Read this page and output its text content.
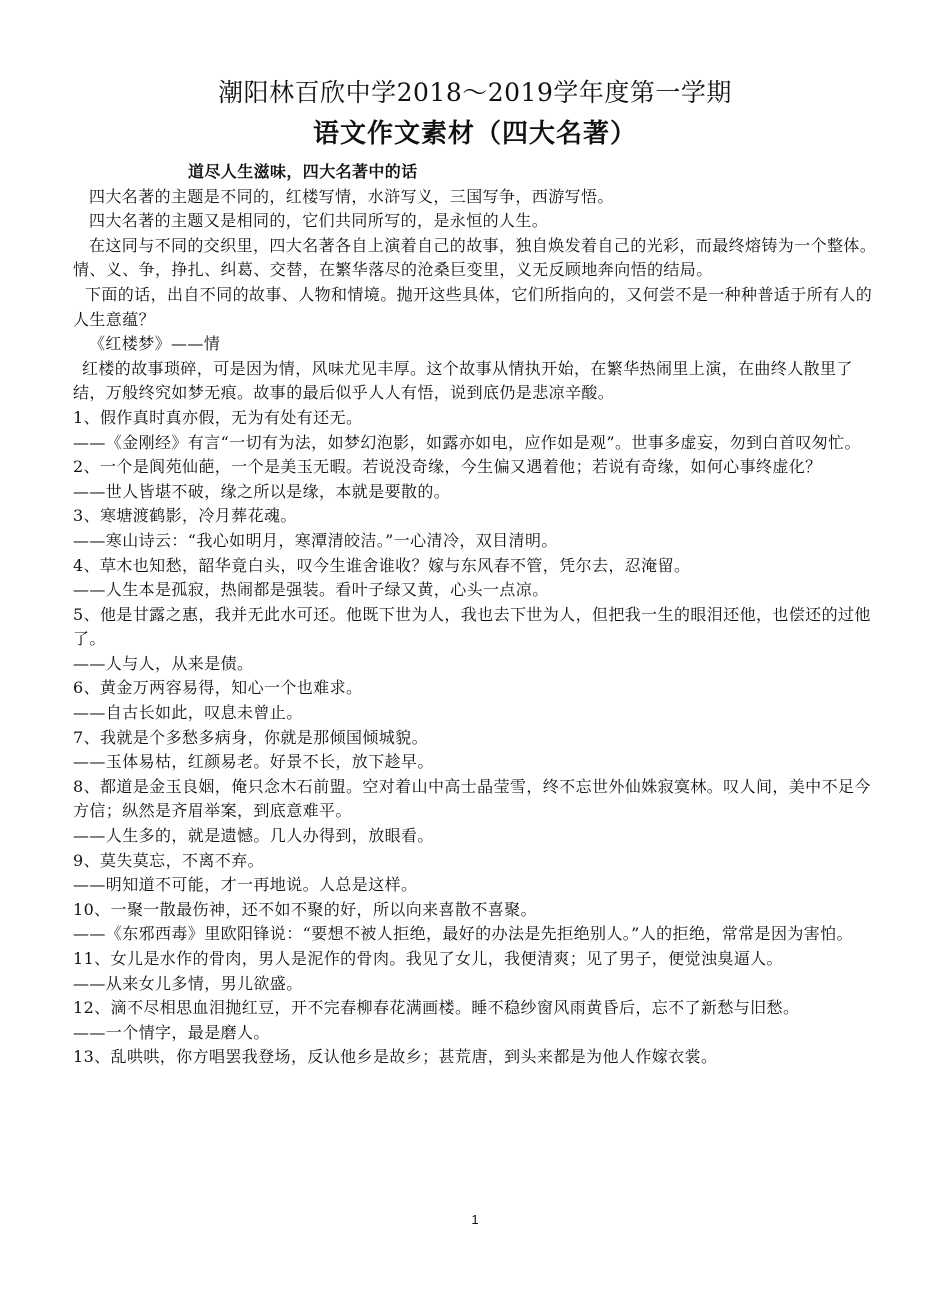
潮阳林百欣中学2018～2019学年度第一学期
语文作文素材（四大名著）

道尽人生滋味，四大名著中的话

四大名著的主题是不同的，红楼写情，水浒写义，三国写争，西游写悟。

四大名著的主题又是相同的，它们共同所写的，是永恒的人生。

在这同与不同的交织里，四大名著各自上演着自己的故事，独自焕发着自己的光彩，而最终熔铸为一个整体。情、义、争，挣扎、纠葛、交替，在繁华落尽的沧桑巨变里，义无反顾地奔向悟的结局。

下面的话，出自不同的故事、人物和情境。抛开这些具体，它们所指向的，又何尝不是一种种普适于所有人的人生意蕴？

《红楼梦》——情

红楼的故事琐碎，可是因为情，风味尤见丰厚。这个故事从情执开始，在繁华热闹里上演，在曲终人散里了结，万般终究如梦无痕。故事的最后似乎人人有悟，说到底仍是悲凉辛酸。

1、假作真时真亦假，无为有处有还无。

——《金刚经》有言“一切有为法，如梦幻泡影，如露亦如电，应作如是观”。世事多虚妄，勿到白首叹匆忙。

2、一个是阆苑仙葩，一个是美玉无暇。若说没奇缘，今生偏又遇着他；若说有奇缘，如何心事终虚化？

——世人皆堪不破，缘之所以是缘，本就是要散的。

3、寒塘渡鹤影，冷月葬花魂。

——寒山诗云：“我心如明月，寒潭清皎洁。”一心清冷，双目清明。

4、草木也知愁，韶华竟白头，叹今生谁舍谁收？嫁与东风春不管，凭尔去，忍淹留。

——人生本是孤寂，热闹都是强装。看叶子绿又黄，心头一点凉。

5、他是甘露之惠，我并无此水可还。他既下世为人，我也去下世为人，但把我一生的眼泪还他，也偿还的过他了。

——人与人，从来是债。

6、黄金万两容易得，知心一个也难求。

——自古长如此，叹息未曾止。

7、我就是个多愁多病身，你就是那倾国倾城貌。

——玉体易枯，红颜易老。好景不长，放下趁早。

8、都道是金玉良姻，俺只念木石前盟。空对着山中高士晶莹雪，终不忘世外仙姝寂寞林。叹人间，美中不足今方信；纵然是齐眉举案，到底意难平。

——人生多的，就是遗憾。几人办得到，放眼看。

9、莫失莫忘，不离不弃。

——明知道不可能，才一再地说。人总是这样。

10、一聚一散最伤神，还不如不聚的好，所以向来喜散不喜聚。

——《东邪西毒》里欧阳锋说：“要想不被人拒绝，最好的办法是先拒绝别人。”人的拒绝，常常是因为害怕。

11、女儿是水作的骨肉，男人是泥作的骨肉。我见了女儿，我便清爽；见了男子，便觉浊臭逼人。

——从来女儿多情，男儿欲盛。

12、滴不尽相思血泪抛红豆，开不完春柳春花满画楼。睡不稳纱窗风雨黄昏后，忘不了新愁与旧愁。

——一个情字，最是磨人。

13、乱哄哄，你方唱罢我登场，反认他乡是故乡；甚荒唐，到头来都是为他人作嫁衣裳。

1
